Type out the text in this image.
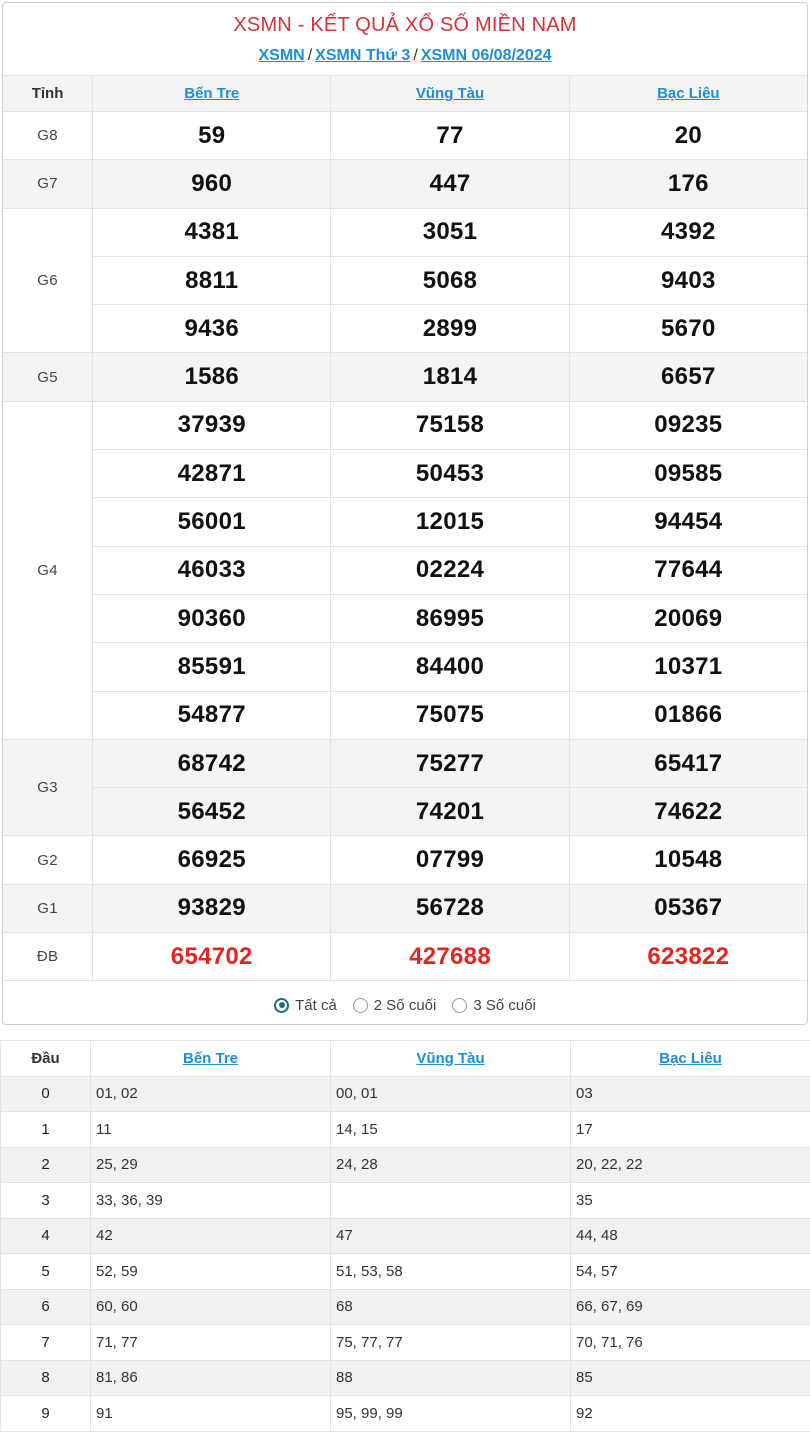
XSMN - KẾT QUẢ XỔ SỐ MIỀN NAM
XSMN / XSMN Thứ 3 / XSMN 06/08/2024
Tỉnh	Bến Tre	Vũng Tàu	Bạc Liêu
G8	59	77	20
G7	960	447	176
G6	4381	3051	4392
	8811	5068	9403
	9436	2899	5670
G5	1586	1814	6657
G4	37939	75158	09235
	42871	50453	09585
	56001	12015	94454
	46033	02224	77644
	90360	86995	20069
	85591	84400	10371
	54877	75075	01866
G3	68742	75277	65417
	56452	74201	74622
G2	66925	07799	10548
G1	93829	56728	05367
ĐB	654702	427688	623822
Tất cả 2 Số cuối 3 Số cuối
Đầu	Bến Tre	Vũng Tàu	Bạc Liêu
0	01, 02	00, 01	03
1	11	14, 15	17
2	25, 29	24, 28	20, 22, 22
3	33, 36, 39		35
4	42	47	44, 48
5	52, 59	51, 53, 58	54, 57
6	60, 60	68	66, 67, 69
7	71, 77	75, 77, 77	70, 71, 76
8	81, 86	88	85
9	91	95, 99, 99	92
